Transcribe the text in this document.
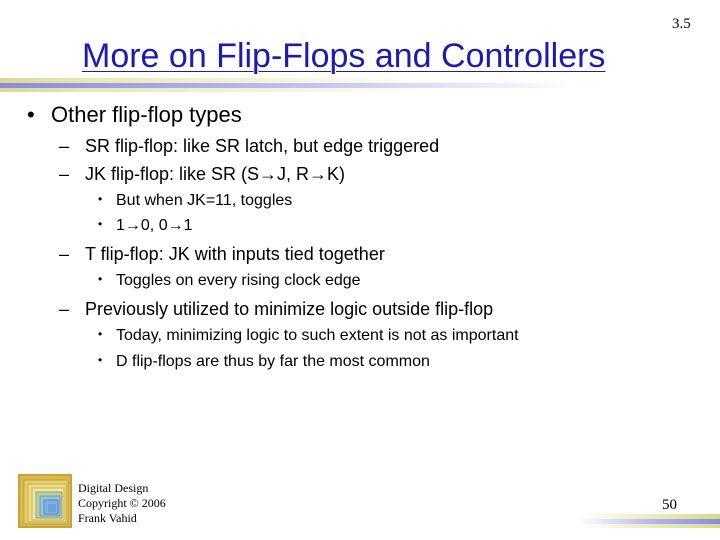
3.5
More on Flip-Flops and Controllers
• Other flip-flop types
– SR flip-flop: like SR latch, but edge triggered
– JK flip-flop: like SR (S→J, R→K)
• But when JK=11, toggles
• 1→0, 0→1
– T flip-flop: JK with inputs tied together
• Toggles on every rising clock edge
– Previously utilized to minimize logic outside flip-flop
• Today, minimizing logic to such extent is not as important
• D flip-flops are thus by far the most common
Digital Design
Copyright © 2006
Frank Vahid
50
